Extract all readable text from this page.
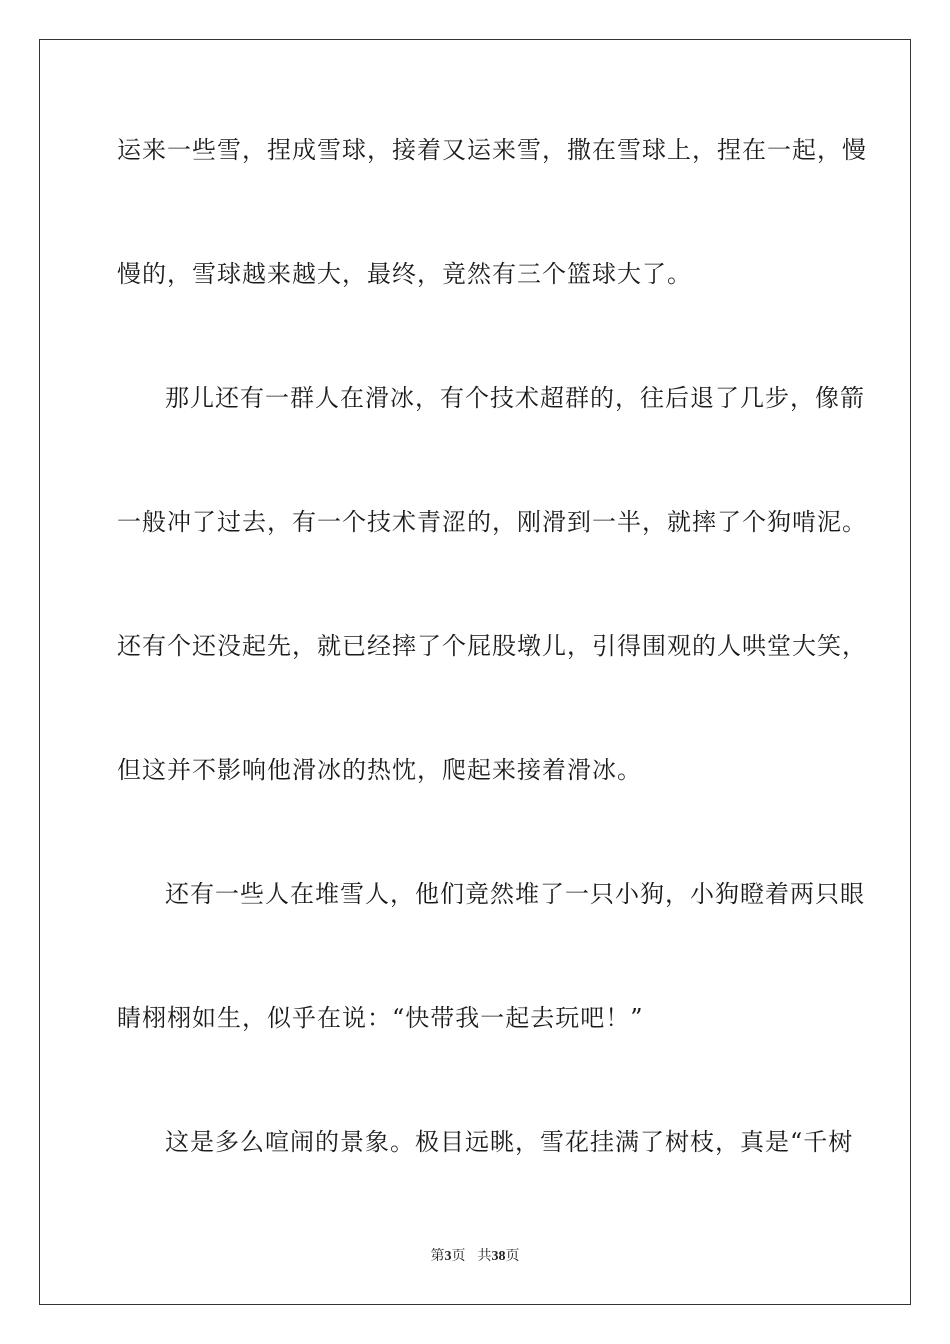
运来一些雪，捏成雪球，接着又运来雪，撒在雪球上，捏在一起，慢
慢的，雪球越来越大，最终，竟然有三个篮球大了。
那儿还有一群人在滑冰，有个技术超群的，往后退了几步，像箭
一般冲了过去，有一个技术青涩的，刚滑到一半，就摔了个狗啃泥。
还有个还没起先，就已经摔了个屁股墩儿，引得围观的人哄堂大笑，
但这并不影响他滑冰的热忱，爬起来接着滑冰。
还有一些人在堆雪人，他们竟然堆了一只小狗，小狗瞪着两只眼
睛栩栩如生，似乎在说：“快带我一起去玩吧！”
这是多么喧闹的景象。极目远眺，雪花挂满了树枝，真是“千树
第3页 共38页
